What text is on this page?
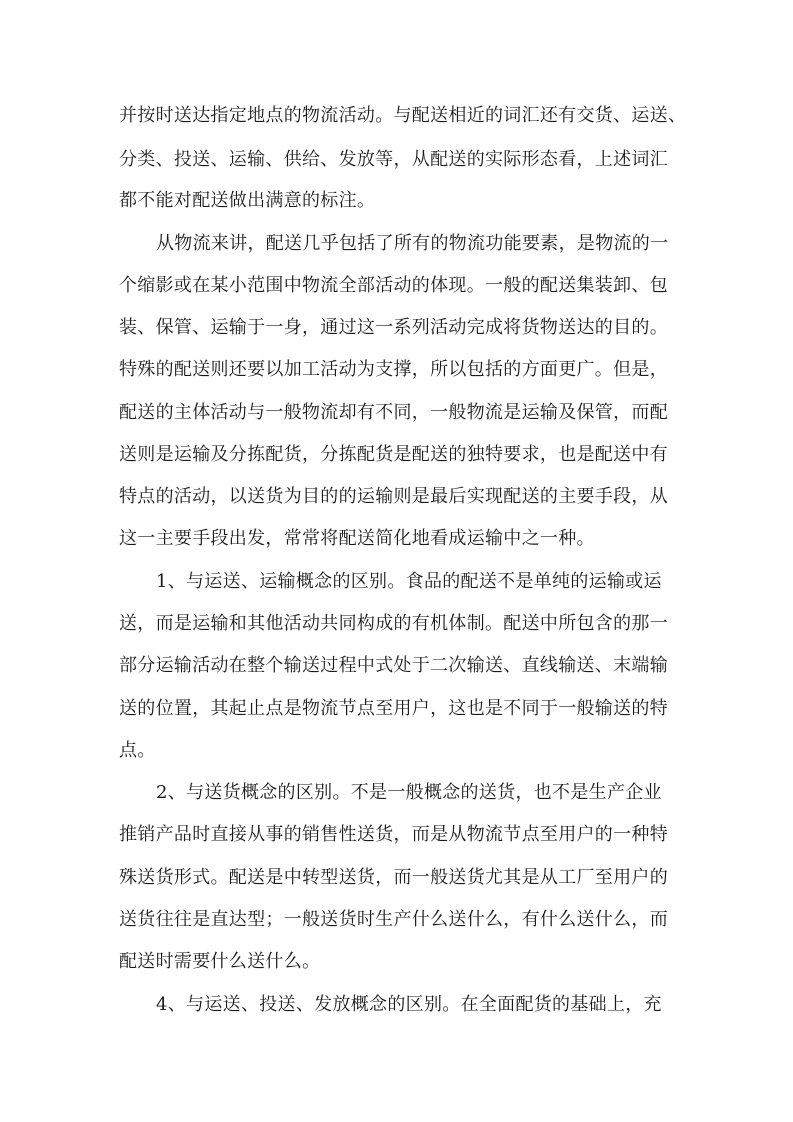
并按时送达指定地点的物流活动。与配送相近的词汇还有交货、运送、
分类、投送、运输、供给、发放等，从配送的实际形态看，上述词汇
都不能对配送做出满意的标注。
从物流来讲，配送几乎包括了所有的物流功能要素，是物流的一
个缩影或在某小范围中物流全部活动的体现。一般的配送集装卸、包
装、保管、运输于一身，通过这一系列活动完成将货物送达的目的。
特殊的配送则还要以加工活动为支撑，所以包括的方面更广。但是，
配送的主体活动与一般物流却有不同，一般物流是运输及保管，而配
送则是运输及分拣配货，分拣配货是配送的独特要求，也是配送中有
特点的活动，以送货为目的的运输则是最后实现配送的主要手段，从
这一主要手段出发，常常将配送简化地看成运输中之一种。
1、与运送、运输概念的区别。食品的配送不是单纯的运输或运
送，而是运输和其他活动共同构成的有机体制。配送中所包含的那一
部分运输活动在整个输送过程中式处于二次输送、直线输送、末端输
送的位置，其起止点是物流节点至用户，这也是不同于一般输送的特
点。
2、与送货概念的区别。不是一般概念的送货，也不是生产企业
推销产品时直接从事的销售性送货，而是从物流节点至用户的一种特
殊送货形式。配送是中转型送货，而一般送货尤其是从工厂至用户的
送货往往是直达型；一般送货时生产什么送什么，有什么送什么，而
配送时需要什么送什么。
4、与运送、投送、发放概念的区别。在全面配货的基础上，充
